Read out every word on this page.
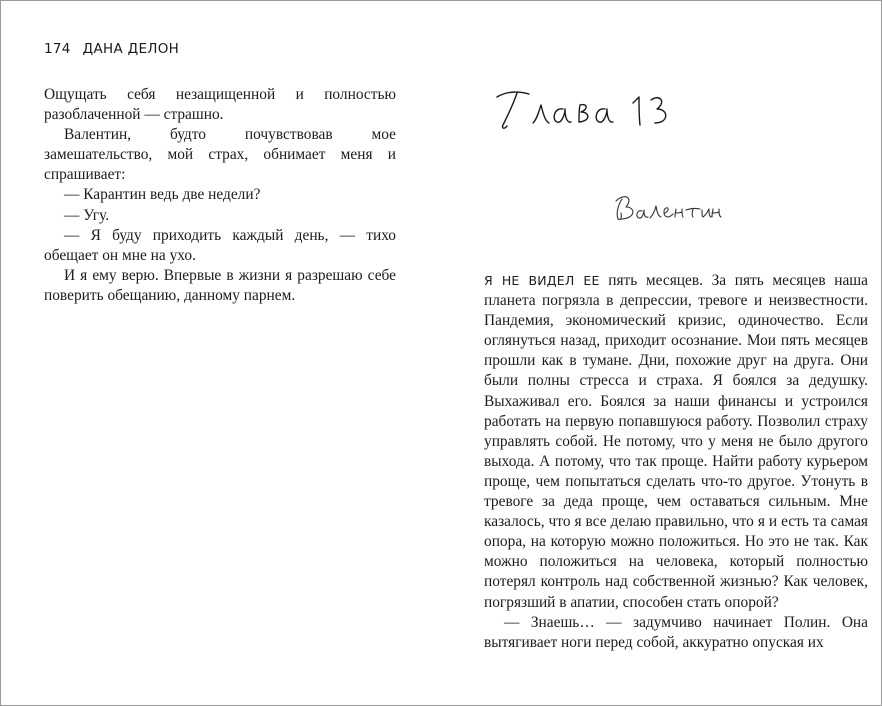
174 ДАНА ДЕЛОН

Ощущать себя незащищенной и полностью разоблаченной — страшно.

Валентин, будто почувствовав мое замешательство, мой страх, обнимает меня и спрашивает:

— Карантин ведь две недели?

— Угу.

— Я буду приходить каждый день, — тихо обещает он мне на ухо.

И я ему верю. Впервые в жизни я разрешаю себе поверить обещанию, данному парнем.

Я НЕ ВИДЕЛ ЕЕ пять месяцев. За пять месяцев наша планета погрязла в депрессии, тревоге и неизвестности. Пандемия, экономический кризис, одиночество. Если оглянуться назад, приходит осознание. Мои пять месяцев прошли как в тумане. Дни, похожие друг на друга. Они были полны стресса и страха. Я боялся за дедушку. Выхаживал его. Боялся за наши финансы и устроился работать на первую попавшуюся работу. Позволил страху управлять собой. Не потому, что у меня не было другого выхода. А потому, что так проще. Найти работу курьером проще, чем попытаться сделать что-то другое. Утонуть в тревоге за деда проще, чем оставаться сильным. Мне казалось, что я все делаю правильно, что я и есть та самая опора, на которую можно положиться. Но это не так. Как можно положиться на человека, который полностью потерял контроль над собственной жизнью? Как человек, погрязший в апатии, способен стать опорой?

— Знаешь… — задумчиво начинает Полин. Она вытягивает ноги перед собой, аккуратно опуская их
